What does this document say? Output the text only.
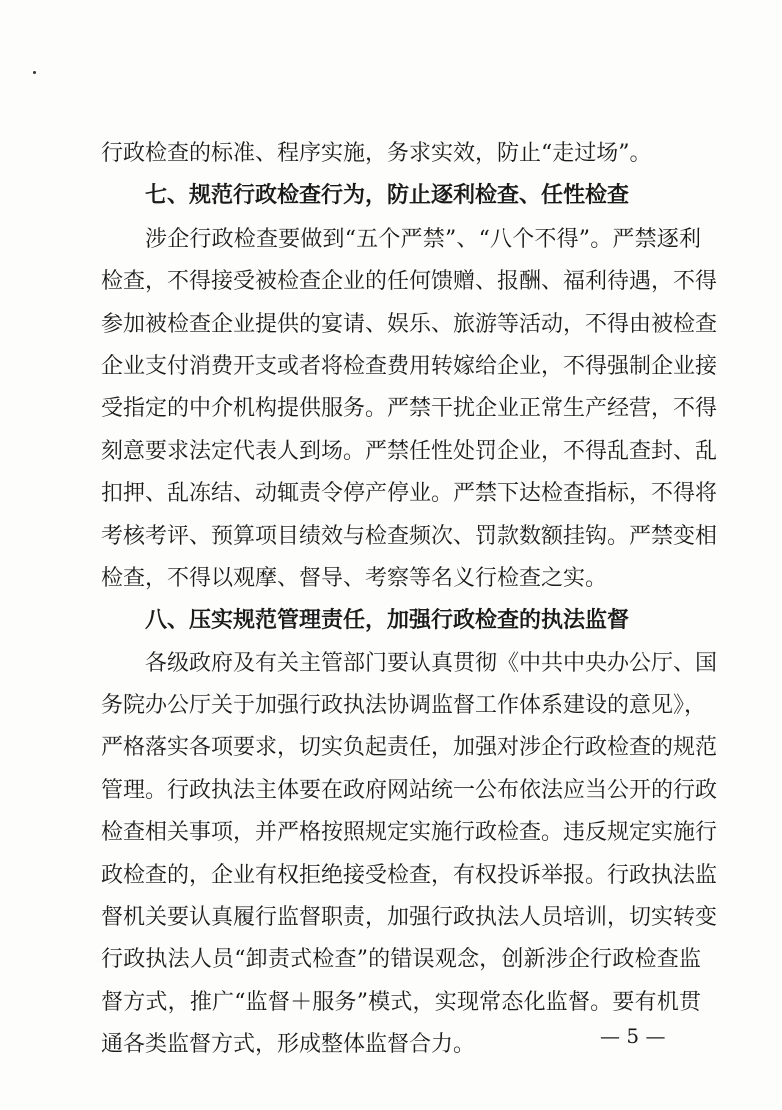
行政检查的标准、程序实施，务求实效，防止“走过场”。
七、规范行政检查行为，防止逐利检查、任性检查
涉企行政检查要做到“五个严禁”、“八个不得”。严禁逐利
检查，不得接受被检查企业的任何馈赠、报酬、福利待遇，不得
参加被检查企业提供的宴请、娱乐、旅游等活动，不得由被检查
企业支付消费开支或者将检查费用转嫁给企业，不得强制企业接
受指定的中介机构提供服务。严禁干扰企业正常生产经营，不得
刻意要求法定代表人到场。严禁任性处罚企业，不得乱查封、乱
扣押、乱冻结、动辄责令停产停业。严禁下达检查指标，不得将
考核考评、预算项目绩效与检查频次、罚款数额挂钩。严禁变相
检查，不得以观摩、督导、考察等名义行检查之实。
八、压实规范管理责任，加强行政检查的执法监督
各级政府及有关主管部门要认真贯彻《中共中央办公厅、国
务院办公厅关于加强行政执法协调监督工作体系建设的意见》，
严格落实各项要求，切实负起责任，加强对涉企行政检查的规范
管理。行政执法主体要在政府网站统一公布依法应当公开的行政
检查相关事项，并严格按照规定实施行政检查。违反规定实施行
政检查的，企业有权拒绝接受检查，有权投诉举报。行政执法监
督机关要认真履行监督职责，加强行政执法人员培训，切实转变
行政执法人员“卸责式检查”的错误观念，创新涉企行政检查监
督方式，推广“监督＋服务”模式，实现常态化监督。要有机贯
通各类监督方式，形成整体监督合力。	— 5 —
